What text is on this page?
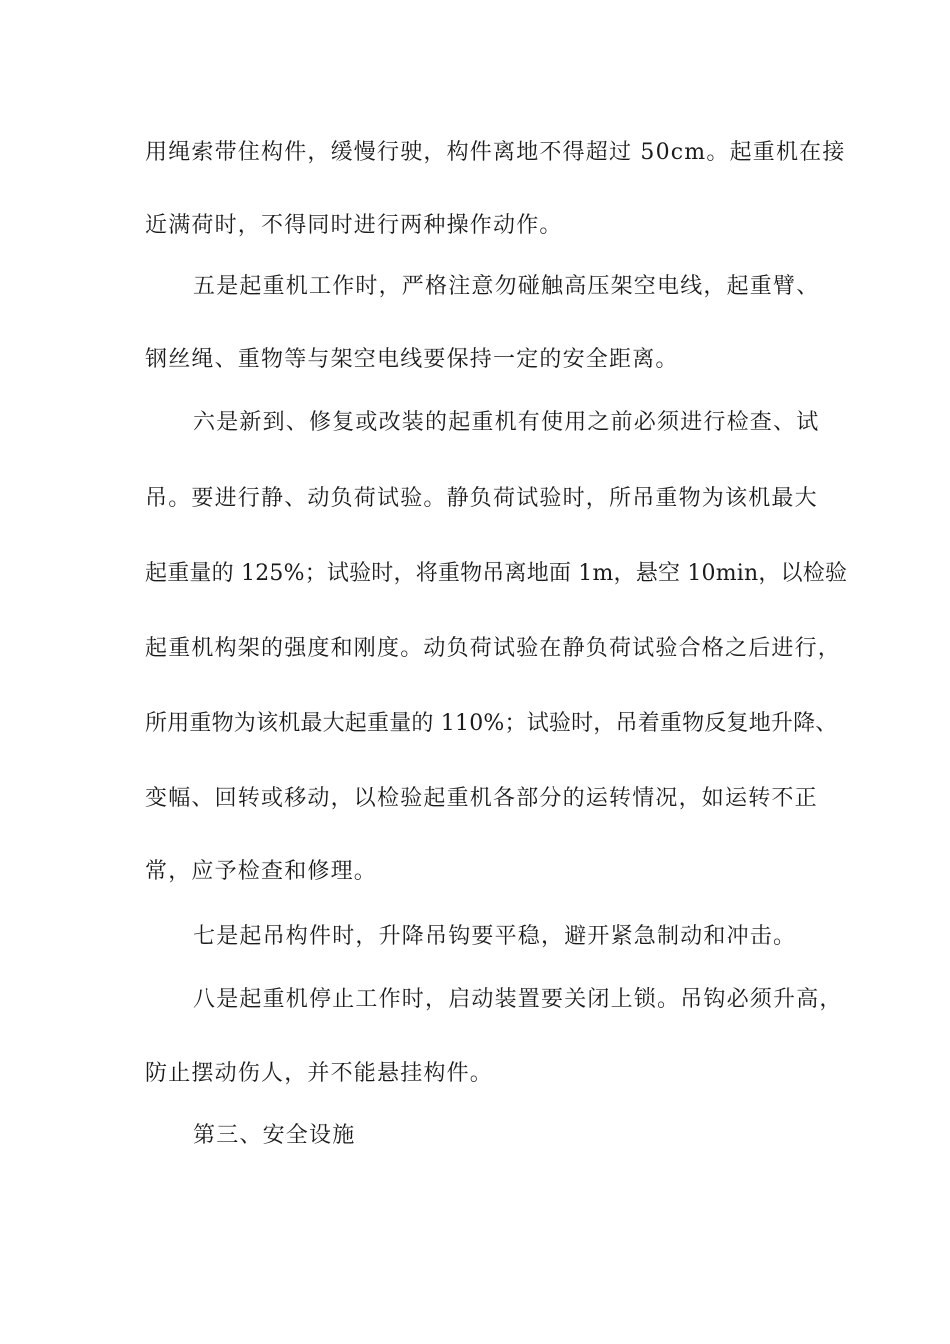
用绳索带住构件，缓慢行驶，构件离地不得超过 50cm。起重机在接
近满荷时，不得同时进行两种操作动作。
五是起重机工作时，严格注意勿碰触高压架空电线，起重臂、
钢丝绳、重物等与架空电线要保持一定的安全距离。
六是新到、修复或改装的起重机有使用之前必须进行检查、试
吊。要进行静、动负荷试验。静负荷试验时，所吊重物为该机最大
起重量的 125%；试验时，将重物吊离地面 1m，悬空 10min，以检验
起重机构架的强度和刚度。动负荷试验在静负荷试验合格之后进行，
所用重物为该机最大起重量的 110%；试验时，吊着重物反复地升降、
变幅、回转或移动，以检验起重机各部分的运转情况，如运转不正
常，应予检查和修理。
七是起吊构件时，升降吊钩要平稳，避开紧急制动和冲击。
八是起重机停止工作时，启动装置要关闭上锁。吊钩必须升高，
防止摆动伤人，并不能悬挂构件。
第三、安全设施
